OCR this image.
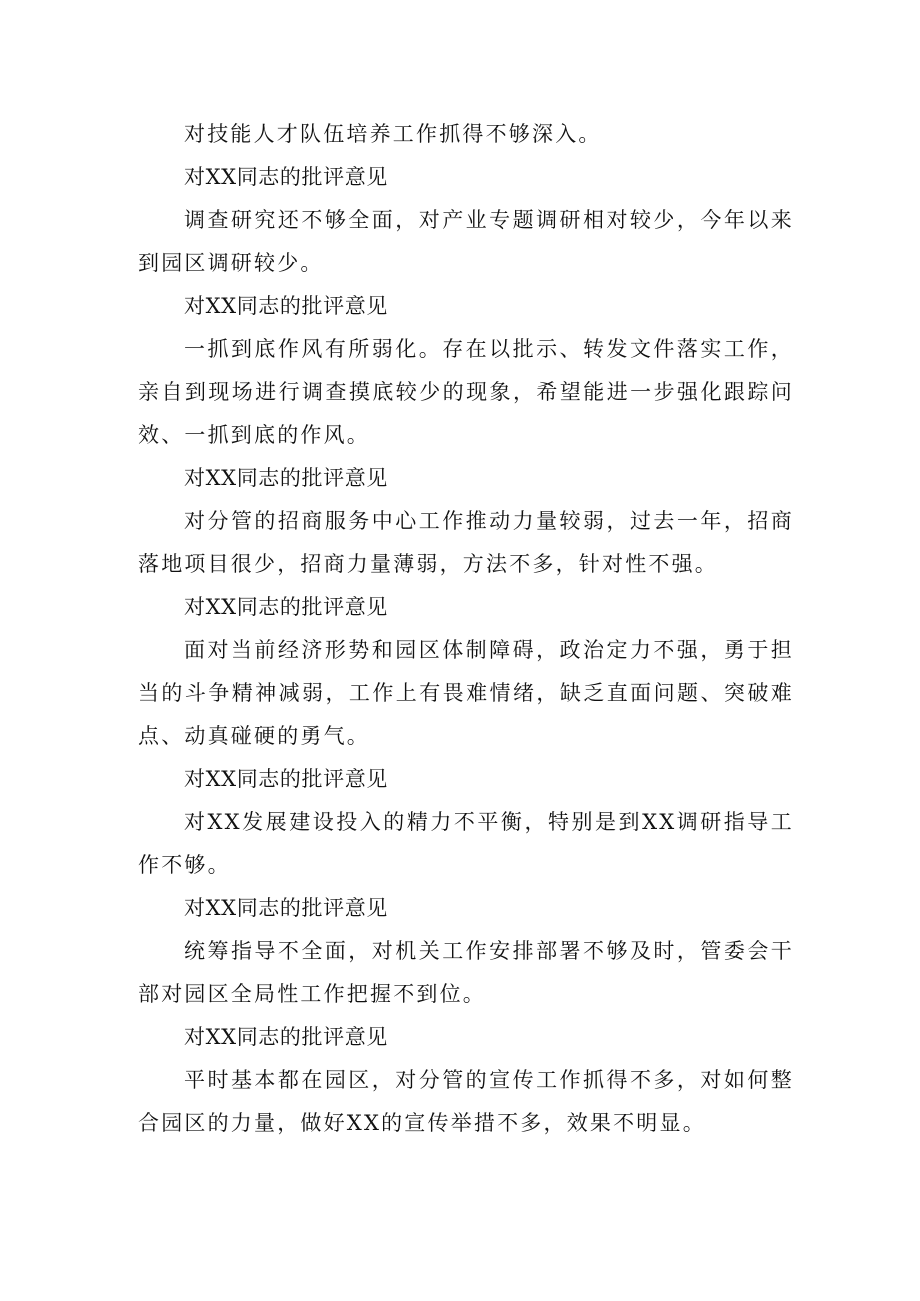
对技能人才队伍培养工作抓得不够深入。

对XX同志的批评意见

调查研究还不够全面，对产业专题调研相对较少，今年以来到园区调研较少。

对XX同志的批评意见

一抓到底作风有所弱化。存在以批示、转发文件落实工作，亲自到现场进行调查摸底较少的现象，希望能进一步强化跟踪问效、一抓到底的作风。

对XX同志的批评意见

对分管的招商服务中心工作推动力量较弱，过去一年，招商落地项目很少，招商力量薄弱，方法不多，针对性不强。

对XX同志的批评意见

面对当前经济形势和园区体制障碍，政治定力不强，勇于担当的斗争精神减弱，工作上有畏难情绪，缺乏直面问题、突破难点、动真碰硬的勇气。

对XX同志的批评意见

对XX发展建设投入的精力不平衡，特别是到XX调研指导工作不够。

对XX同志的批评意见

统筹指导不全面，对机关工作安排部署不够及时，管委会干部对园区全局性工作把握不到位。

对XX同志的批评意见

平时基本都在园区，对分管的宣传工作抓得不多，对如何整合园区的力量，做好XX的宣传举措不多，效果不明显。
